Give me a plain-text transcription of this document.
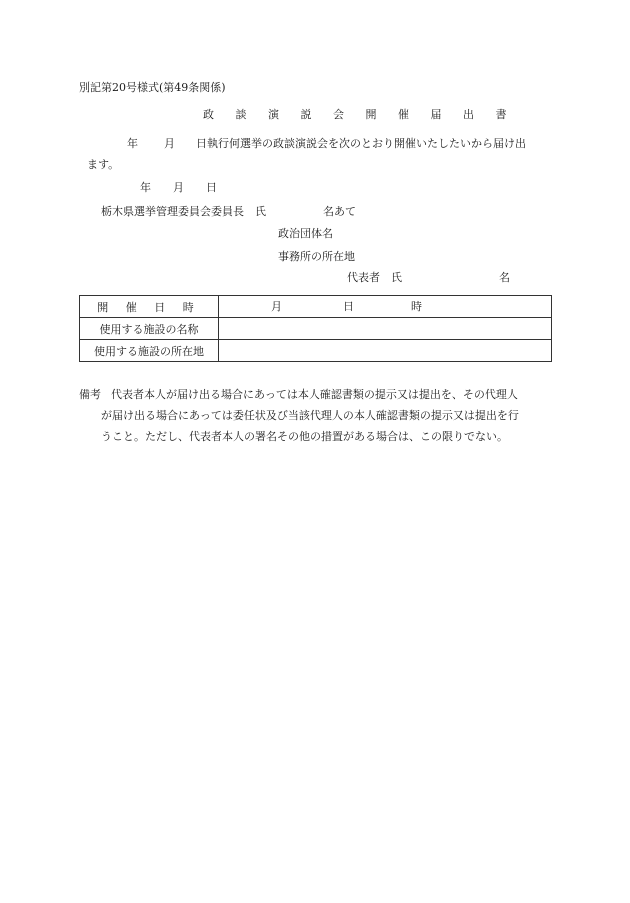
別記第20号様式(第49条関係)
政 談 演 説 会 開 催 届 出 書
年 月 日執行何選挙の政談演説会を次のとおり開催いたしたいから届け出
ます。
年 月 日
栃木県選挙管理委員会委員長　氏	名あて
政治団体名
事務所の所在地
代表者　氏	名
開 催 日 時	月 日 時

使用する施設の名称	
使用する施設の所在地	
備考 代表者本人が届け出る場合にあっては本人確認書類の提示又は提出を、その代理人
が届け出る場合にあっては委任状及び当該代理人の本人確認書類の提示又は提出を行
うこと。ただし、代表者本人の署名その他の措置がある場合は、この限りでない。
